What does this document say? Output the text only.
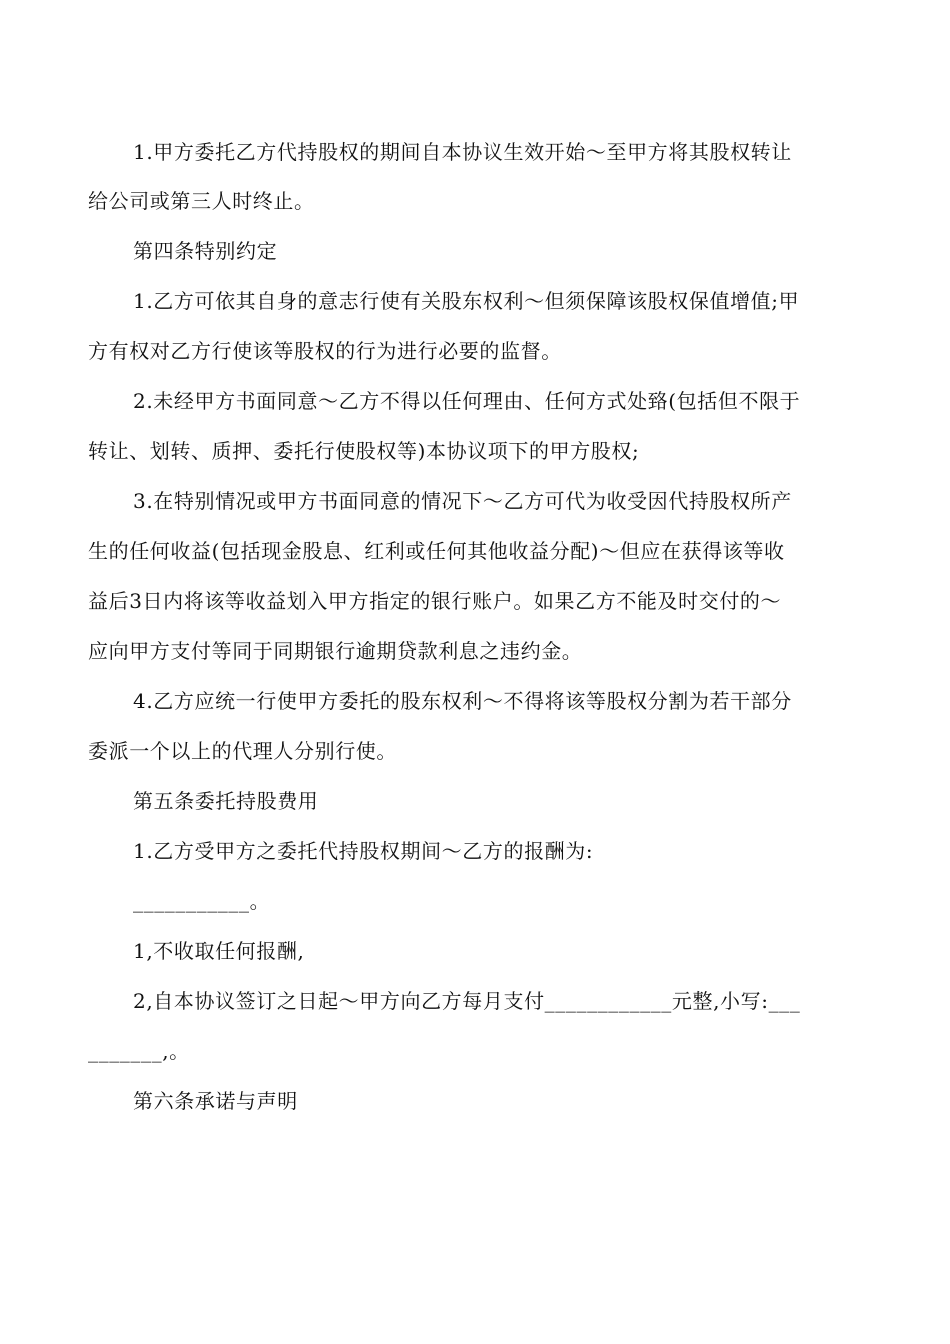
1.甲方委托乙方代持股权的期间自本协议生效开始～至甲方将其股权转让
给公司或第三人时终止。
第四条特别约定
1.乙方可依其自身的意志行使有关股东权利～但须保障该股权保值增值;甲
方有权对乙方行使该等股权的行为进行必要的监督。
2.未经甲方书面同意～乙方不得以任何理由、任何方式处臵(包括但不限于
转让、划转、质押、委托行使股权等)本协议项下的甲方股权;
3.在特别情况或甲方书面同意的情况下～乙方可代为收受因代持股权所产
生的任何收益(包括现金股息、红利或任何其他收益分配)～但应在获得该等收
益后3日内将该等收益划入甲方指定的银行账户。如果乙方不能及时交付的～
应向甲方支付等同于同期银行逾期贷款利息之违约金。
4.乙方应统一行使甲方委托的股东权利～不得将该等股权分割为若干部分
委派一个以上的代理人分别行使。
第五条委托持股费用
1.乙方受甲方之委托代持股权期间～乙方的报酬为:
___________。
1,不收取任何报酬,
2,自本协议签订之日起～甲方向乙方每月支付____________元整,小写:___
_______,。
第六条承诺与声明
